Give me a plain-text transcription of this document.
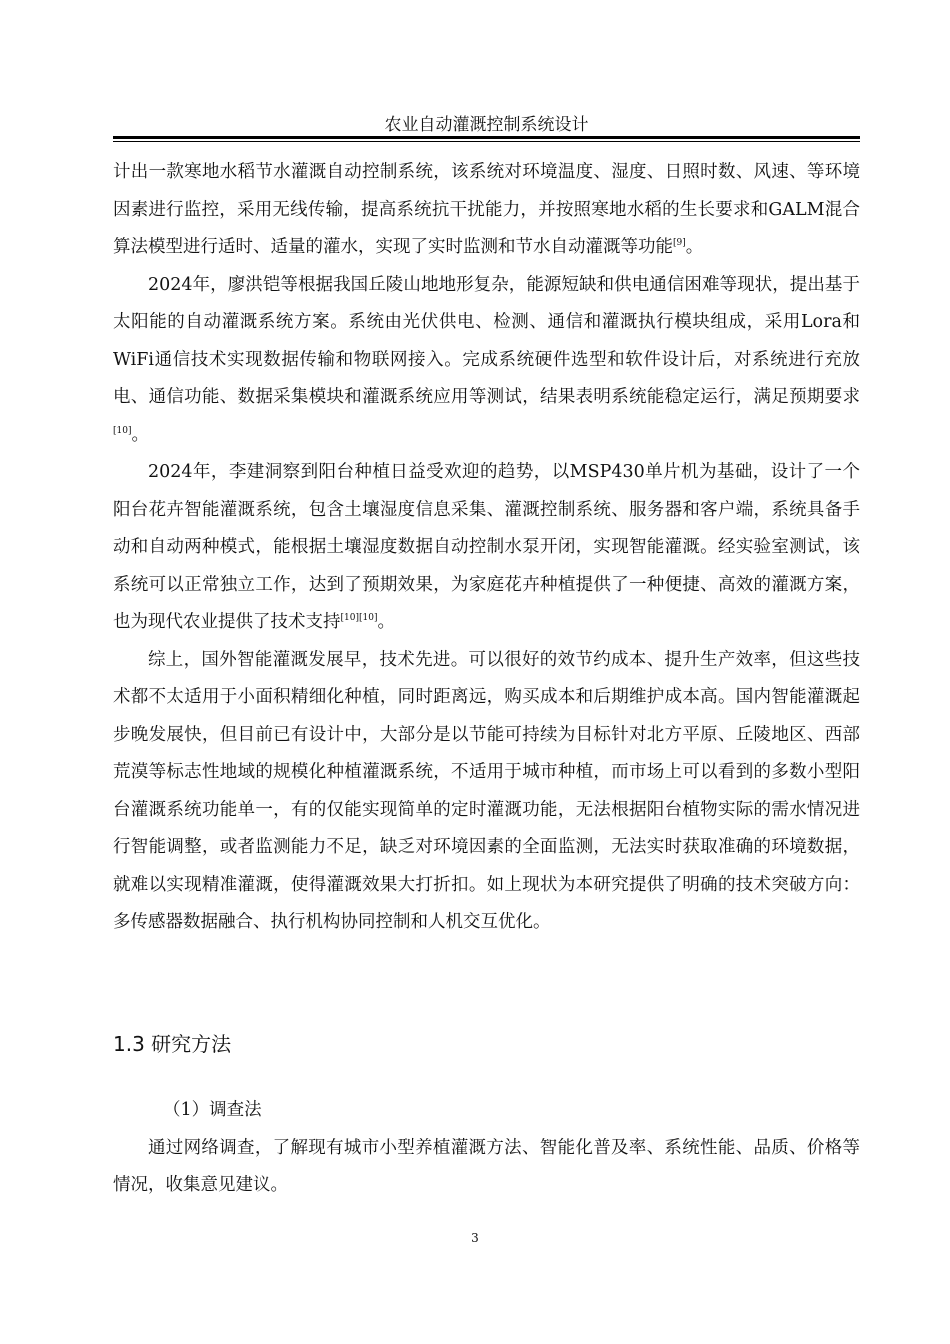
农业自动灌溉控制系统设计

计出一款寒地水稻节水灌溉自动控制系统，该系统对环境温度、湿度、日照时数、风速、等环境因素进行监控，采用无线传输，提高系统抗干扰能力，并按照寒地水稻的生长要求和GALM混合算法模型进行适时、适量的灌水，实现了实时监测和节水自动灌溉等功能[9]。

2024年，廖洪铠等根据我国丘陵山地地形复杂，能源短缺和供电通信困难等现状，提出基于太阳能的自动灌溉系统方案。系统由光伏供电、检测、通信和灌溉执行模块组成，采用Lora和WiFi通信技术实现数据传输和物联网接入。完成系统硬件选型和软件设计后，对系统进行充放电、通信功能、数据采集模块和灌溉系统应用等测试，结果表明系统能稳定运行，满足预期要求[10]。

2024年，李建洞察到阳台种植日益受欢迎的趋势，以MSP430单片机为基础，设计了一个阳台花卉智能灌溉系统，包含土壤湿度信息采集、灌溉控制系统、服务器和客户端，系统具备手动和自动两种模式，能根据土壤湿度数据自动控制水泵开闭，实现智能灌溉。经实验室测试，该系统可以正常独立工作，达到了预期效果，为家庭花卉种植提供了一种便捷、高效的灌溉方案，也为现代农业提供了技术支持[10][10]。

综上，国外智能灌溉发展早，技术先进。可以很好的效节约成本、提升生产效率，但这些技术都不太适用于小面积精细化种植，同时距离远，购买成本和后期维护成本高。国内智能灌溉起步晚发展快，但目前已有设计中，大部分是以节能可持续为目标针对北方平原、丘陵地区、西部荒漠等标志性地域的规模化种植灌溉系统，不适用于城市种植，而市场上可以看到的多数小型阳台灌溉系统功能单一，有的仅能实现简单的定时灌溉功能，无法根据阳台植物实际的需水情况进行智能调整，或者监测能力不足，缺乏对环境因素的全面监测，无法实时获取准确的环境数据，就难以实现精准灌溉，使得灌溉效果大打折扣。如上现状为本研究提供了明确的技术突破方向：多传感器数据融合、执行机构协同控制和人机交互优化。

1.3 研究方法

（1）调查法

通过网络调查，了解现有城市小型养植灌溉方法、智能化普及率、系统性能、品质、价格等情况，收集意见建议。

3
